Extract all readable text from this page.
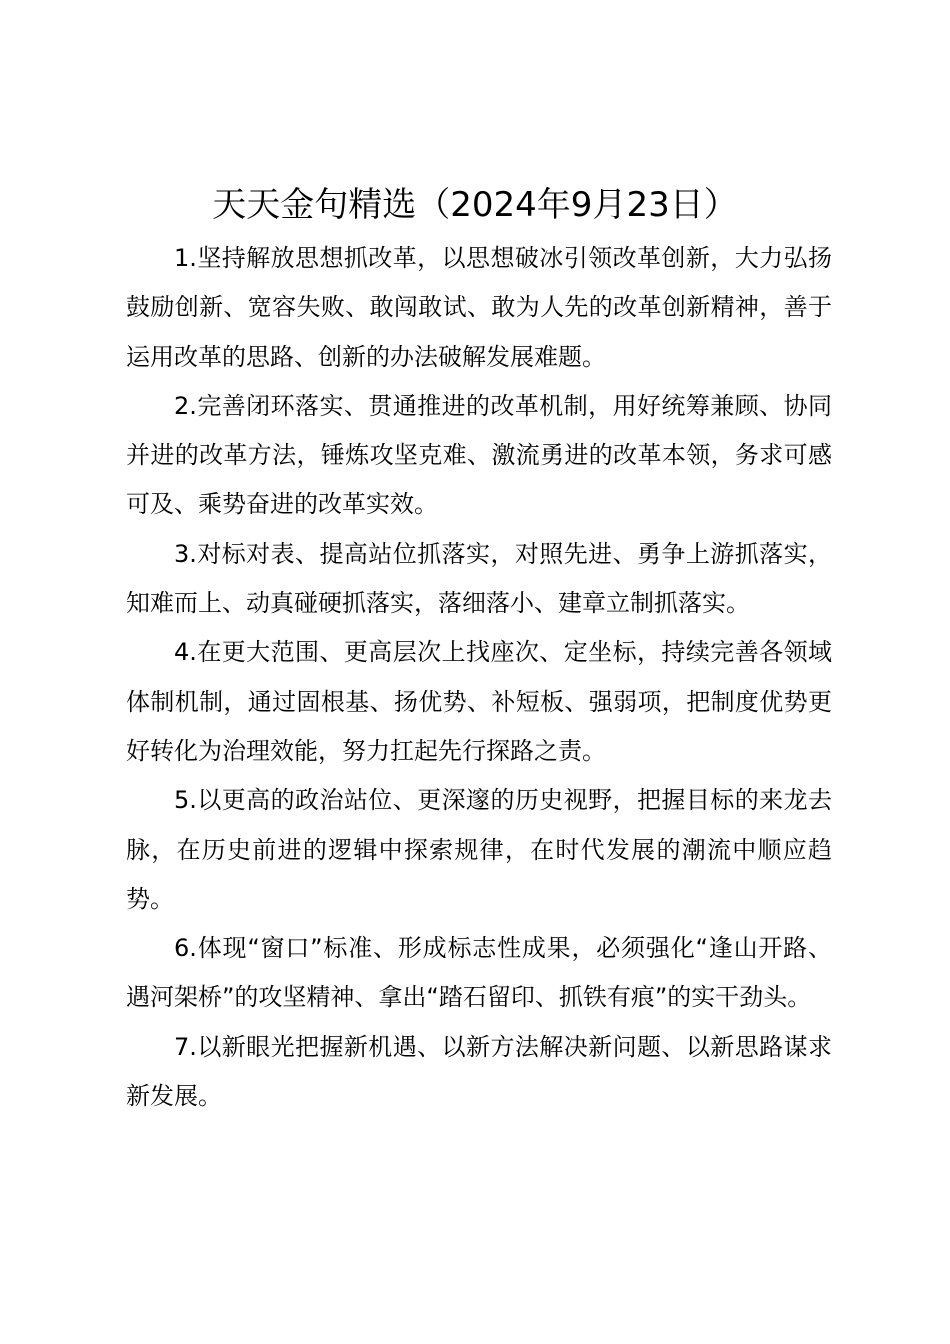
天天金句精选（2024年9月23日）

1.坚持解放思想抓改革，以思想破冰引领改革创新，大力弘扬鼓励创新、宽容失败、敢闯敢试、敢为人先的改革创新精神，善于运用改革的思路、创新的办法破解发展难题。

2.完善闭环落实、贯通推进的改革机制，用好统筹兼顾、协同并进的改革方法，锤炼攻坚克难、激流勇进的改革本领，务求可感可及、乘势奋进的改革实效。

3.对标对表、提高站位抓落实，对照先进、勇争上游抓落实，知难而上、动真碰硬抓落实，落细落小、建章立制抓落实。

4.在更大范围、更高层次上找座次、定坐标，持续完善各领域体制机制，通过固根基、扬优势、补短板、强弱项，把制度优势更好转化为治理效能，努力扛起先行探路之责。

5.以更高的政治站位、更深邃的历史视野，把握目标的来龙去脉，在历史前进的逻辑中探索规律，在时代发展的潮流中顺应趋势。

6.体现“窗口”标准、形成标志性成果，必须强化“逢山开路、遇河架桥”的攻坚精神、拿出“踏石留印、抓铁有痕”的实干劲头。

7.以新眼光把握新机遇、以新方法解决新问题、以新思路谋求新发展。
